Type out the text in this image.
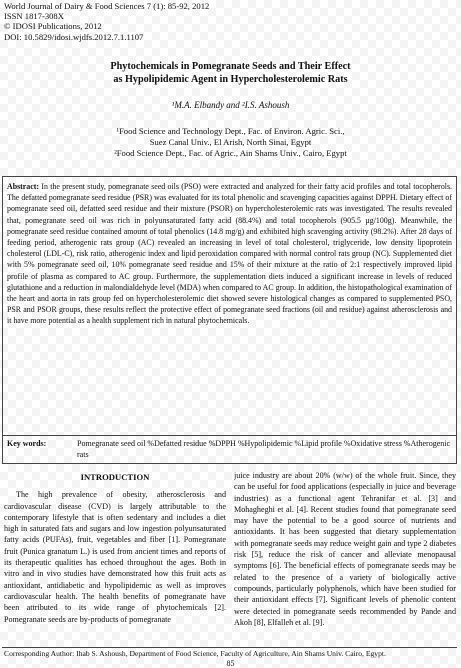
World Journal of Dairy & Food Sciences 7 (1): 85-92, 2012
ISSN 1817-308X
© IDOSI Publications, 2012
DOI: 10.5829/idosi.wjdfs.2012.7.1.1107
Phytochemicals in Pomegranate Seeds and Their Effect
as Hypolipidemic Agent in Hypercholesterolemic Rats
¹M.A. Elbandy and ²I.S. Ashoush
¹Food Science and Technology Dept., Fac. of Environ. Agric. Sci.,
Suez Canal Univ., El Arish, North Sinai, Egypt
²Food Science Dept., Fac. of Agric., Ain Shams Univ., Cairo, Egypt
Abstract: In the present study, pomegranate seed oils (PSO) were extracted and analyzed for their fatty acid profiles and total tocopherols. The defatted pomegranate seed residue (PSR) was evaluated for its total phenolic and scavenging capacities against DPPH. Dietary effect of pomegranate seed oil, defatted seed residue and their mixture (PSOR) on hypercholesterolemic rats was investigated. The results revealed that, pomegranate seed oil was rich in polyunsaturated fatty acid (88.4%) and total tocopherols (905.5 µg/100g). Meanwhile, the pomegranate seed residue contained amount of total phenolics (14.8 mg/g) and exhibited high scavenging activity (98.2%). After 28 days of feeding period, atherogenic rats group (AC) revealed an increasing in level of total cholesterol, triglyceride, low density lipoprotein cholesterol (LDL-C), risk ratio, atherogenic index and lipid peroxidation compared with normal control rats group (NC). Supplemented diet with 5% pomegranate seed oil, 10% pomegranate seed residue and 15% of their mixture at the ratio of 2:1 respectively improved lipid profile of plasma as compared to AC group. Furthermore, the supplementation diets induced a significant increase in levels of reduced glutathione and a reduction in malondialdehyde level (MDA) when compared to AC group. In addition, the histopathological examination of the heart and aorta in rats group fed on hypercholesterolemic diet showed severe histological changes as compared to supplemented PSO, PSR and PSOR groups, these results reflect the protective effect of pomegranate seed fractions (oil and residue) against atherosclerosis and it have more potential as a health supplement rich in natural phytochemicals.
Key words:	Pomegranate seed oil %Defatted residue %DPPH %Hypolipidemic %Lipid profile %Oxidative stress %Atherogenic rats
INTRODUCTION
The high prevalence of obesity, atherosclerosis and cardiovascular disease (CVD) is largely attributable to the contemporary lifestyle that is often sedentary and includes a diet high in saturated fats and sugars and low ingestion polyunsaturated fatty acids (PUFAs), fruit, vegetables and fiber [1]. Pomegranate fruit (Punica granatum L.) is used from ancient times and reports of its therapeutic qualities has echoed throughout the ages. Both in vitro and in vivo studies have demonstrated how this fruit acts as antioxidant, antidiabetic and hypolipidemic as well as improves cardiovascular health. The health benefits of pomegranate have been attributed to its wide range of phytochemicals [2]. Pomegranate seeds are by-products of pomegranate
juice industry are about 20% (w/w) of the whole fruit. Since, they can be useful for food applications (especially in juice and beverage industries) as a functional agent Tehranifar et al. [3] and Mohagheghi et al. [4]. Recent studies found that pomegranate seed may have the potential to be a good source of nutrients and antioxidants. It has been suggested that dietary supplementation with pomegranate seeds may reduce weight gain and type 2 diabetes risk [5], reduce the risk of cancer and alleviate menopausal symptoms [6]. The beneficial effects of pomegranate seeds may be related to the presence of a variety of biologically active compounds, particularly polyphenols, which have been studied for their antioxidant effects [7]. Significant levels of phenolic content were detected in pomegranate seeds recommended by Pande and Akoh [8], Elfalleh et al. [9].
Corresponding Author: Ihab S. Ashoush, Department of Food Science, Faculty of Agriculture, Ain Shams Univ. Cairo, Egypt.
85
